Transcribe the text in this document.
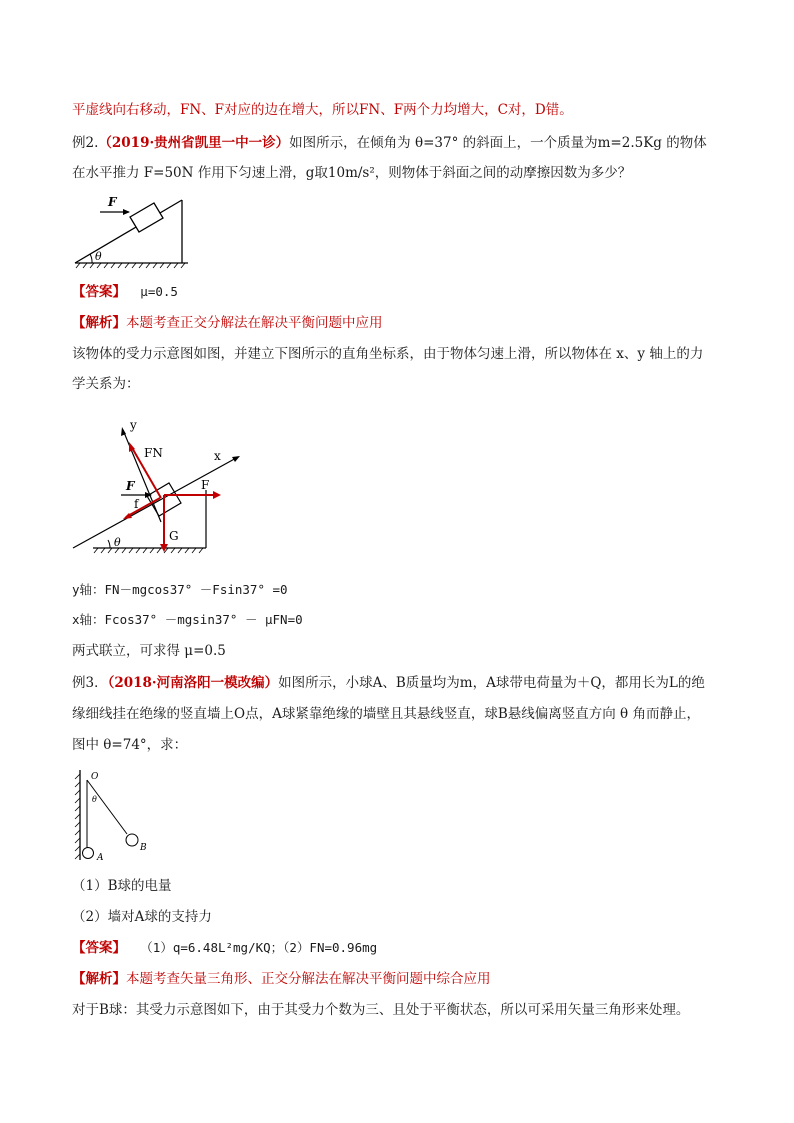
平虚线向右移动，FN、F对应的边在增大，所以FN、F两个力均增大，C对，D错。
例2.（2019·贵州省凯里一中一诊）如图所示，在倾角为 θ=37° 的斜面上，一个质量为m=2.5Kg 的物体
在水平推力 F=50N 作用下匀速上滑，g取10m/s²，则物体于斜面之间的动摩擦因数为多少？
F
θ
【答案】 μ=0.5
【解析】本题考查正交分解法在解决平衡问题中应用
该物体的受力示意图如图，并建立下图所示的直角坐标系，由于物体匀速上滑，所以物体在 x、y 轴上的力
学关系为：
x
y
FN
F	F
f
G
θ
y轴：FN－mgcos37° －Fsin37° =0
x轴：Fcos37° －mgsin37° － μFN=0
两式联立，可求得 μ=0.5
例3．（2018·河南洛阳一模改编）如图所示，小球A、B质量均为m，A球带电荷量为＋Q，都用长为L的绝
缘细线挂在绝缘的竖直墙上O点，A球紧靠绝缘的墙壁且其悬线竖直，球B悬线偏离竖直方向 θ 角而静止，
图中 θ=74°，求：
O
θ
A
B
（1）B球的电量
（2）墙对A球的支持力
【答案】 （1）q=6.48L²mg/KQ；（2）FN=0.96mg
【解析】本题考查矢量三角形、正交分解法在解决平衡问题中综合应用
对于B球：其受力示意图如下，由于其受力个数为三、且处于平衡状态，所以可采用矢量三角形来处理。
